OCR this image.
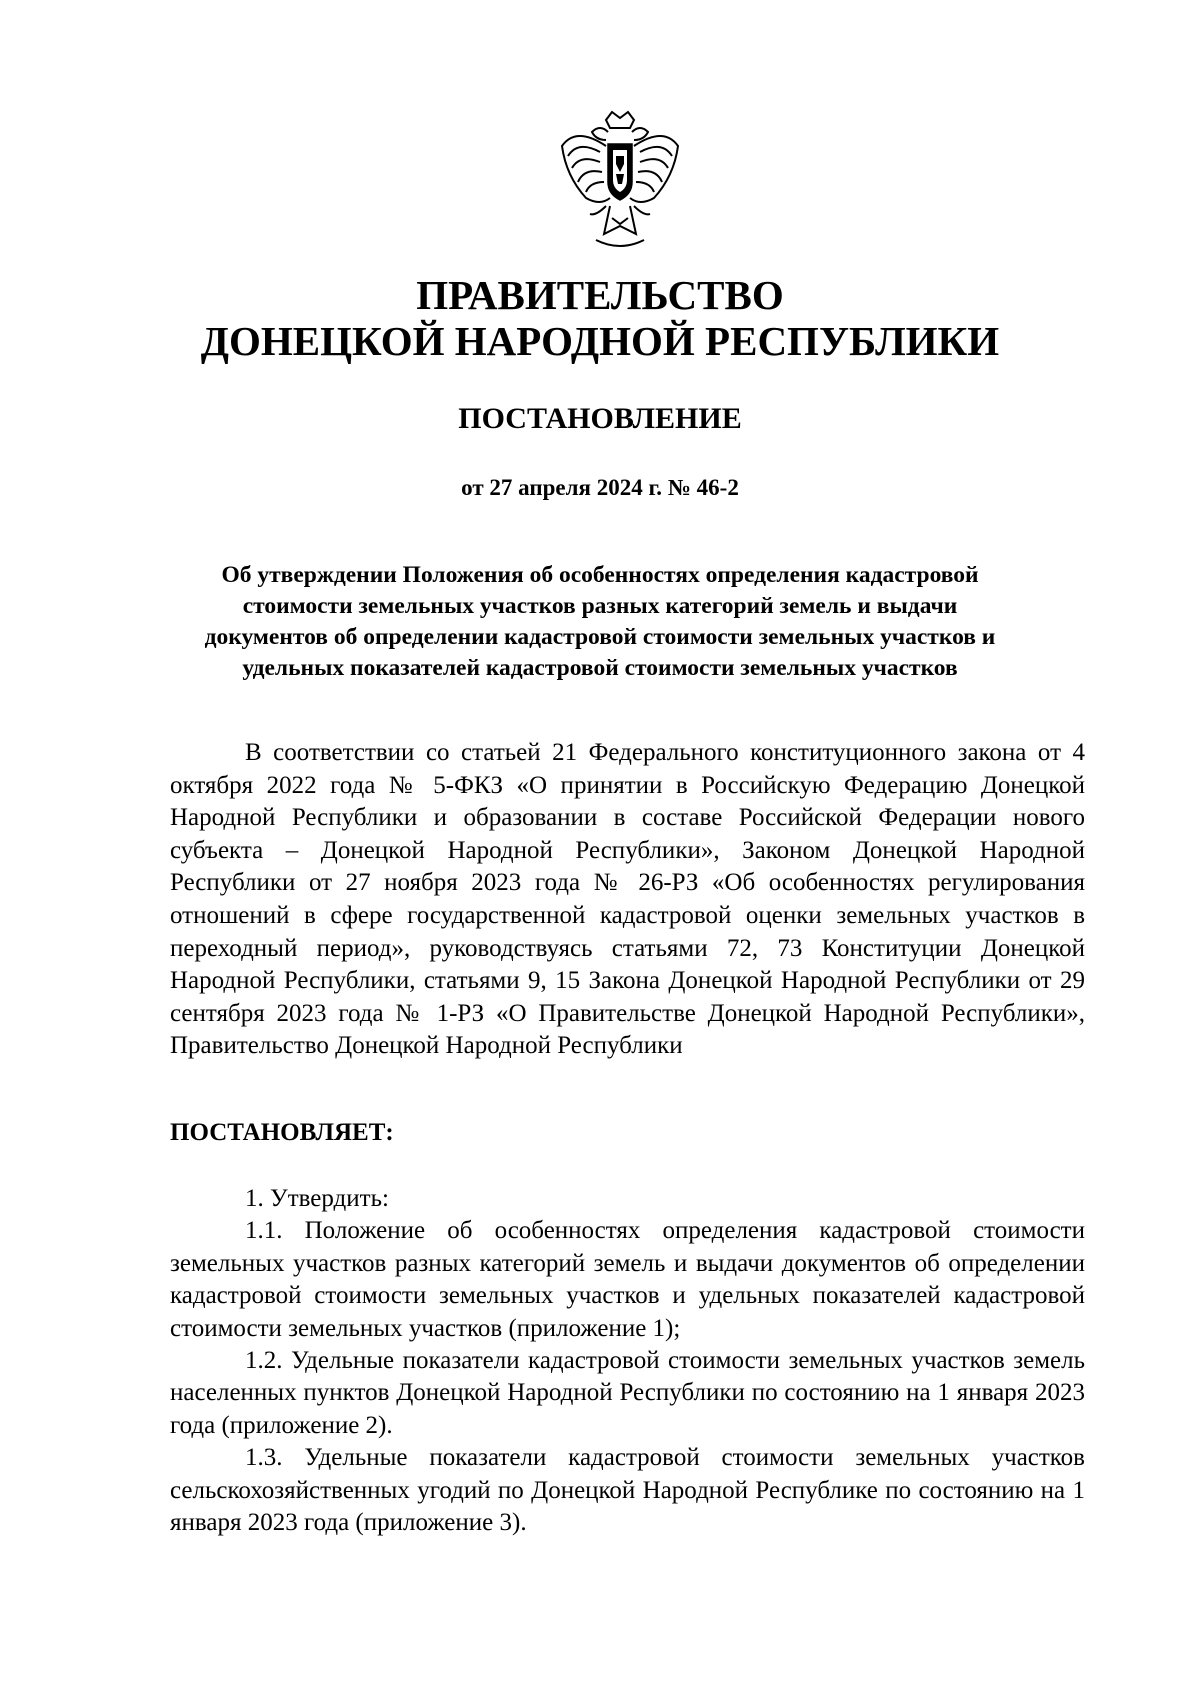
ПРАВИТЕЛЬСТВО
ДОНЕЦКОЙ НАРОДНОЙ РЕСПУБЛИКИ
ПОСТАНОВЛЕНИЕ

от 27 апреля 2024 г. № 46-2

Об утверждении Положения об особенностях определения кадастровой
стоимости земельных участков разных категорий земель и выдачи
документов об определении кадастровой стоимости земельных участков и
удельных показателей кадастровой стоимости земельных участков

В соответствии со статьей 21 Федерального конституционного закона от 4 октября 2022 года № 5-ФКЗ «О принятии в Российскую Федерацию Донецкой Народной Республики и образовании в составе Российской Федерации нового субъекта – Донецкой Народной Республики», Законом Донецкой Народной Республики от 27 ноября 2023 года № 26-РЗ «Об особенностях регулирования отношений в сфере государственной кадастровой оценки земельных участков в переходный период», руководствуясь статьями 72, 73 Конституции Донецкой Народной Республики, статьями 9, 15 Закона Донецкой Народной Республики от 29 сентября 2023 года № 1-РЗ «О Правительстве Донецкой Народной Республики», Правительство Донецкой Народной Республики

ПОСТАНОВЛЯЕТ:

1. Утвердить:

1.1. Положение об особенностях определения кадастровой стоимости земельных участков разных категорий земель и выдачи документов об определении кадастровой стоимости земельных участков и удельных показателей кадастровой стоимости земельных участков (приложение 1);

1.2. Удельные показатели кадастровой стоимости земельных участков земель населенных пунктов Донецкой Народной Республики по состоянию на 1 января 2023 года (приложение 2).

1.3. Удельные показатели кадастровой стоимости земельных участков сельскохозяйственных угодий по Донецкой Народной Республике по состоянию на 1 января 2023 года (приложение 3).
